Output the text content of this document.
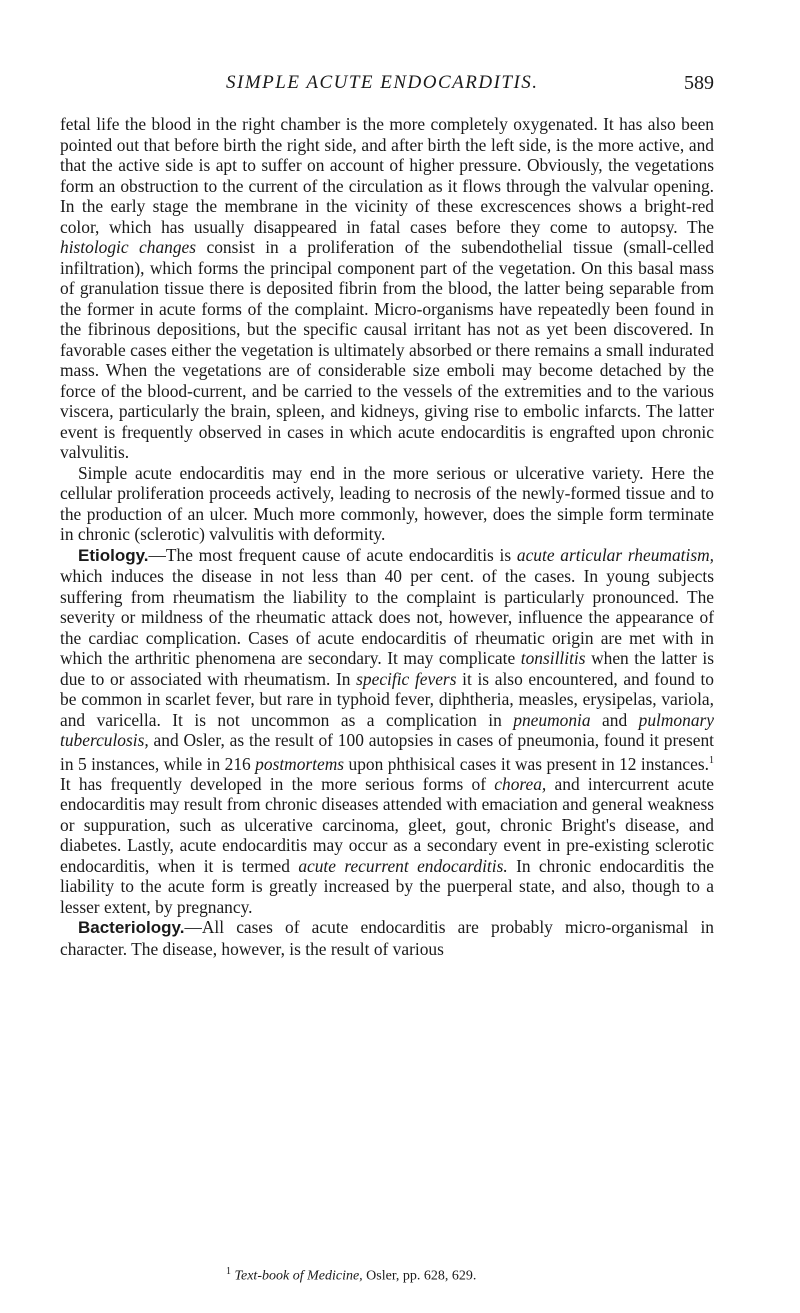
SIMPLE ACUTE ENDOCARDITIS.	589

fetal life the blood in the right chamber is the more completely oxygenated. It has also been pointed out that before birth the right side, and after birth the left side, is the more active, and that the active side is apt to suffer on account of higher pressure. Obviously, the vegetations form an obstruction to the current of the circulation as it flows through the valvular opening. In the early stage the membrane in the vicinity of these excrescences shows a bright-red color, which has usually disappeared in fatal cases before they come to autopsy. The histologic changes consist in a proliferation of the subendothelial tissue (small-celled infiltration), which forms the principal component part of the vegetation. On this basal mass of granulation tissue there is deposited fibrin from the blood, the latter being separable from the former in acute forms of the complaint. Micro-organisms have repeatedly been found in the fibrinous depositions, but the specific causal irritant has not as yet been discovered. In favorable cases either the vegetation is ultimately absorbed or there remains a small indurated mass. When the vegetations are of considerable size emboli may become detached by the force of the blood-current, and be carried to the vessels of the extremities and to the various viscera, particularly the brain, spleen, and kidneys, giving rise to embolic infarcts. The latter event is frequently observed in cases in which acute endocarditis is engrafted upon chronic valvulitis.

Simple acute endocarditis may end in the more serious or ulcerative variety. Here the cellular proliferation proceeds actively, leading to necrosis of the newly-formed tissue and to the production of an ulcer. Much more commonly, however, does the simple form terminate in chronic (sclerotic) valvulitis with deformity.

Etiology.—The most frequent cause of acute endocarditis is acute articular rheumatism, which induces the disease in not less than 40 per cent. of the cases. In young subjects suffering from rheumatism the liability to the complaint is particularly pronounced. The severity or mildness of the rheumatic attack does not, however, influence the appearance of the cardiac complication. Cases of acute endocarditis of rheumatic origin are met with in which the arthritic phenomena are secondary. It may complicate tonsillitis when the latter is due to or associated with rheumatism. In specific fevers it is also encountered, and found to be common in scarlet fever, but rare in typhoid fever, diphtheria, measles, erysipelas, variola, and varicella. It is not uncommon as a complication in pneumonia and pulmonary tuberculosis, and Osler, as the result of 100 autopsies in cases of pneumonia, found it present in 5 instances, while in 216 postmortems upon phthisical cases it was present in 12 instances.$^1$ It has frequently developed in the more serious forms of chorea, and intercurrent acute endocarditis may result from chronic diseases attended with emaciation and general weakness or suppuration, such as ulcerative carcinoma, gleet, gout, chronic Bright's disease, and diabetes. Lastly, acute endocarditis may occur as a secondary event in pre-existing sclerotic endocarditis, when it is termed acute recurrent endocarditis. In chronic endocarditis the liability to the acute form is greatly increased by the puerperal state, and also, though to a lesser extent, by pregnancy.

Bacteriology.—All cases of acute endocarditis are probably micro-organismal in character. The disease, however, is the result of various

$^1$ Text-book of Medicine, Osler, pp. 628, 629.
